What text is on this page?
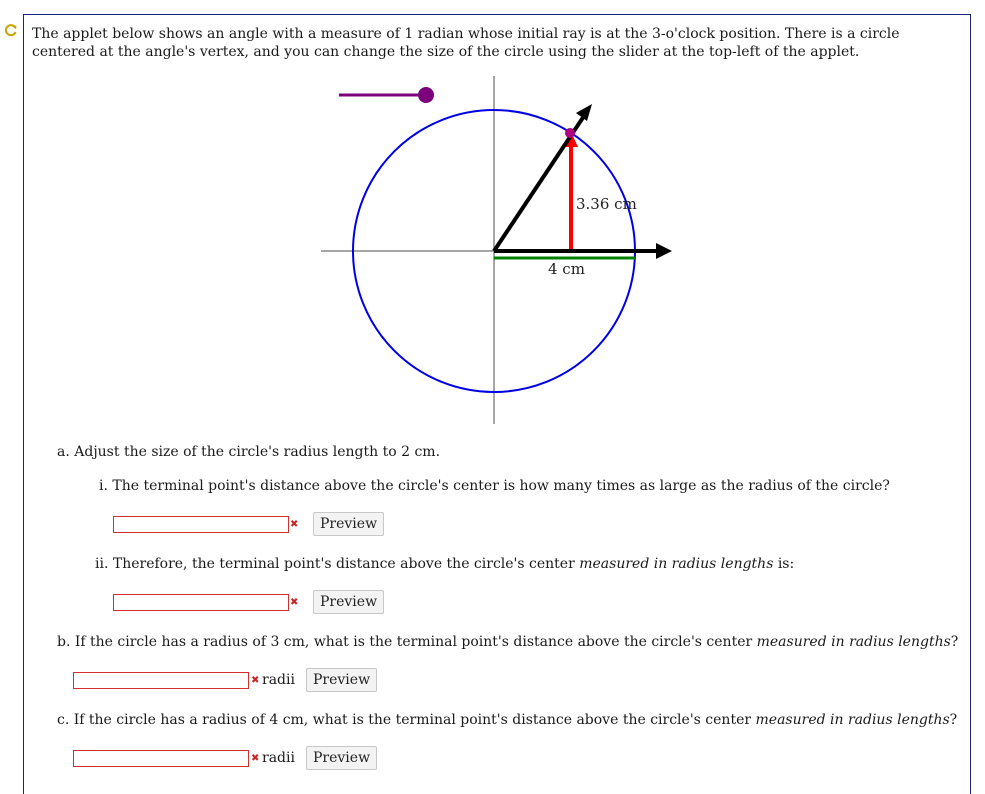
The applet below shows an angle with a measure of 1 radian whose initial ray is at the 3-o'clock position. There is a circle centered at the angle's vertex, and you can change the size of the circle using the slider at the top-left of the applet.

3.36 cm
4 cm

a. Adjust the size of the circle's radius length to 2 cm.

i. The terminal point's distance above the circle's center is how many times as large as the radius of the circle?

✖	Preview

ii. Therefore, the terminal point's distance above the circle's center measured in radius lengths is:

✖	Preview

b. If the circle has a radius of 3 cm, what is the terminal point's distance above the circle's center measured in radius lengths?

✖ radii	Preview

c. If the circle has a radius of 4 cm, what is the terminal point's distance above the circle's center measured in radius lengths?

✖ radii	Preview
